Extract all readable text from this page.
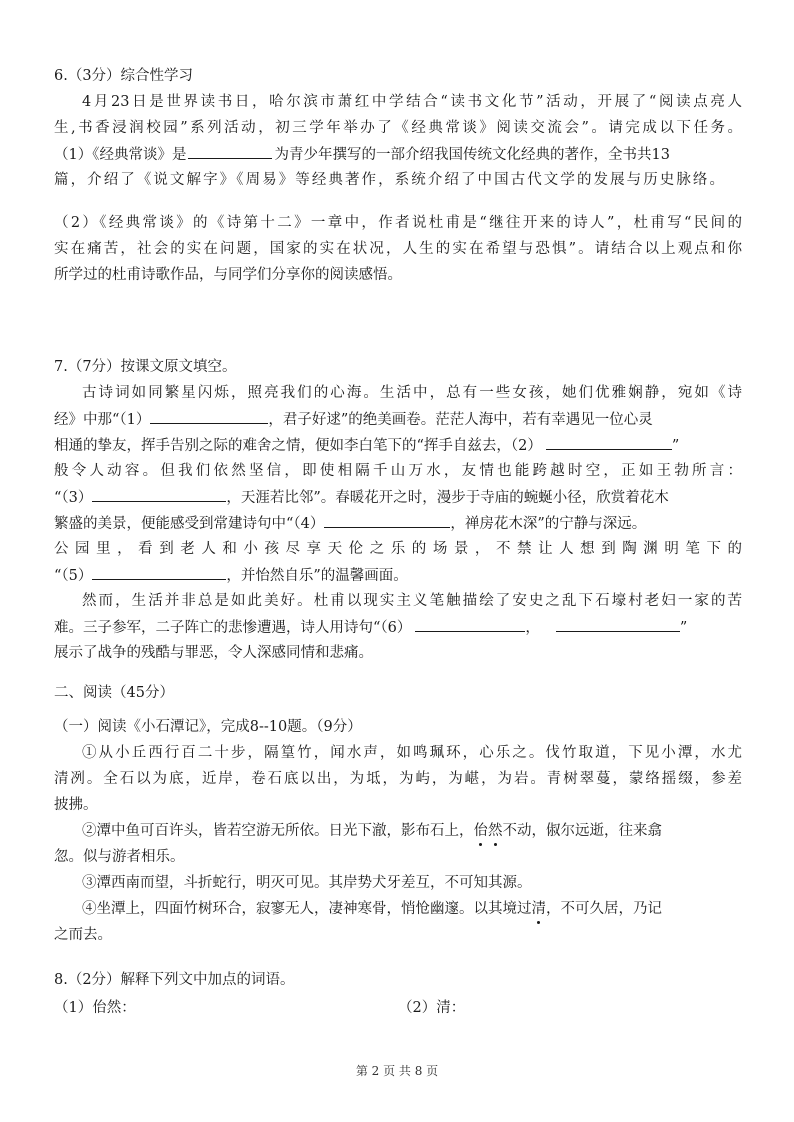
6.（3分）综合性学习
4月23日是世界读书日，哈尔滨市萧红中学结合“读书文化节”活动，开展了“阅读点亮人
生,书香浸润校园”系列活动，初三学年举办了《经典常谈》阅读交流会”。请完成以下任务。
（1）《经典常谈》是	为青少年撰写的一部介绍我国传统文化经典的著作，全书共13
篇，介绍了《说文解字》《周易》等经典著作，系统介绍了中国古代文学的发展与历史脉络。
（2）《经典常谈》的《诗第十二》一章中，作者说杜甫是“继往开来的诗人”，杜甫写“民间的
实在痛苦，社会的实在问题，国家的实在状况，人生的实在希望与恐惧”。请结合以上观点和你
所学过的杜甫诗歌作品，与同学们分享你的阅读感悟。
7.（7分）按课文原文填空。
古诗词如同繁星闪烁，照亮我们的心海。生活中，总有一些女孩，她们优雅娴静，宛如《诗
经》中那“（1）	，君子好逑”的绝美画卷。茫茫人海中，若有幸遇见一位心灵
相通的挚友，挥手告别之际的难舍之情，便如李白笔下的“挥手自兹去，（2）	”
般令人动容。但我们依然坚信，即使相隔千山万水，友情也能跨越时空，正如王勃所言：
“（3）	，天涯若比邻”。春暖花开之时，漫步于寺庙的蜿蜒小径，欣赏着花木
繁盛的美景，便能感受到常建诗句中“（4）	，禅房花木深”的宁静与深远。
公园里，看到老人和小孩尽享天伦之乐的场景，不禁让人想到陶渊明笔下的
“（5）	，并怡然自乐”的温馨画面。
然而，生活并非总是如此美好。杜甫以现实主义笔触描绘了安史之乱下石壕村老妇一家的苦
难。三子参军，二子阵亡的悲惨遭遇，诗人用诗句“（6）	，	”
展示了战争的残酷与罪恶，令人深感同情和悲痛。
二、阅读（45分）
（一）阅读《小石潭记》，完成8--10题。（9分）
①从小丘西行百二十步，隔篁竹，闻水声，如鸣珮环，心乐之。伐竹取道，下见小潭，水尤
清冽。全石以为底，近岸，卷石底以出，为坻，为屿，为嵁，为岩。青树翠蔓，蒙络摇缀，参差
披拂。
②潭中鱼可百许头，皆若空游无所依。日光下澈，影布石上，佁然不动，俶尔远逝，往来翕
忽。似与游者相乐。
③潭西南而望，斗折蛇行，明灭可见。其岸势犬牙差互，不可知其源。
④坐潭上，四面竹树环合，寂寥无人，凄神寒骨，悄怆幽邃。以其境过清，不可久居，乃记
之而去。
8.（2分）解释下列文中加点的词语。
（1）佁然：	（2）清：
第 2 页 共 8 页
